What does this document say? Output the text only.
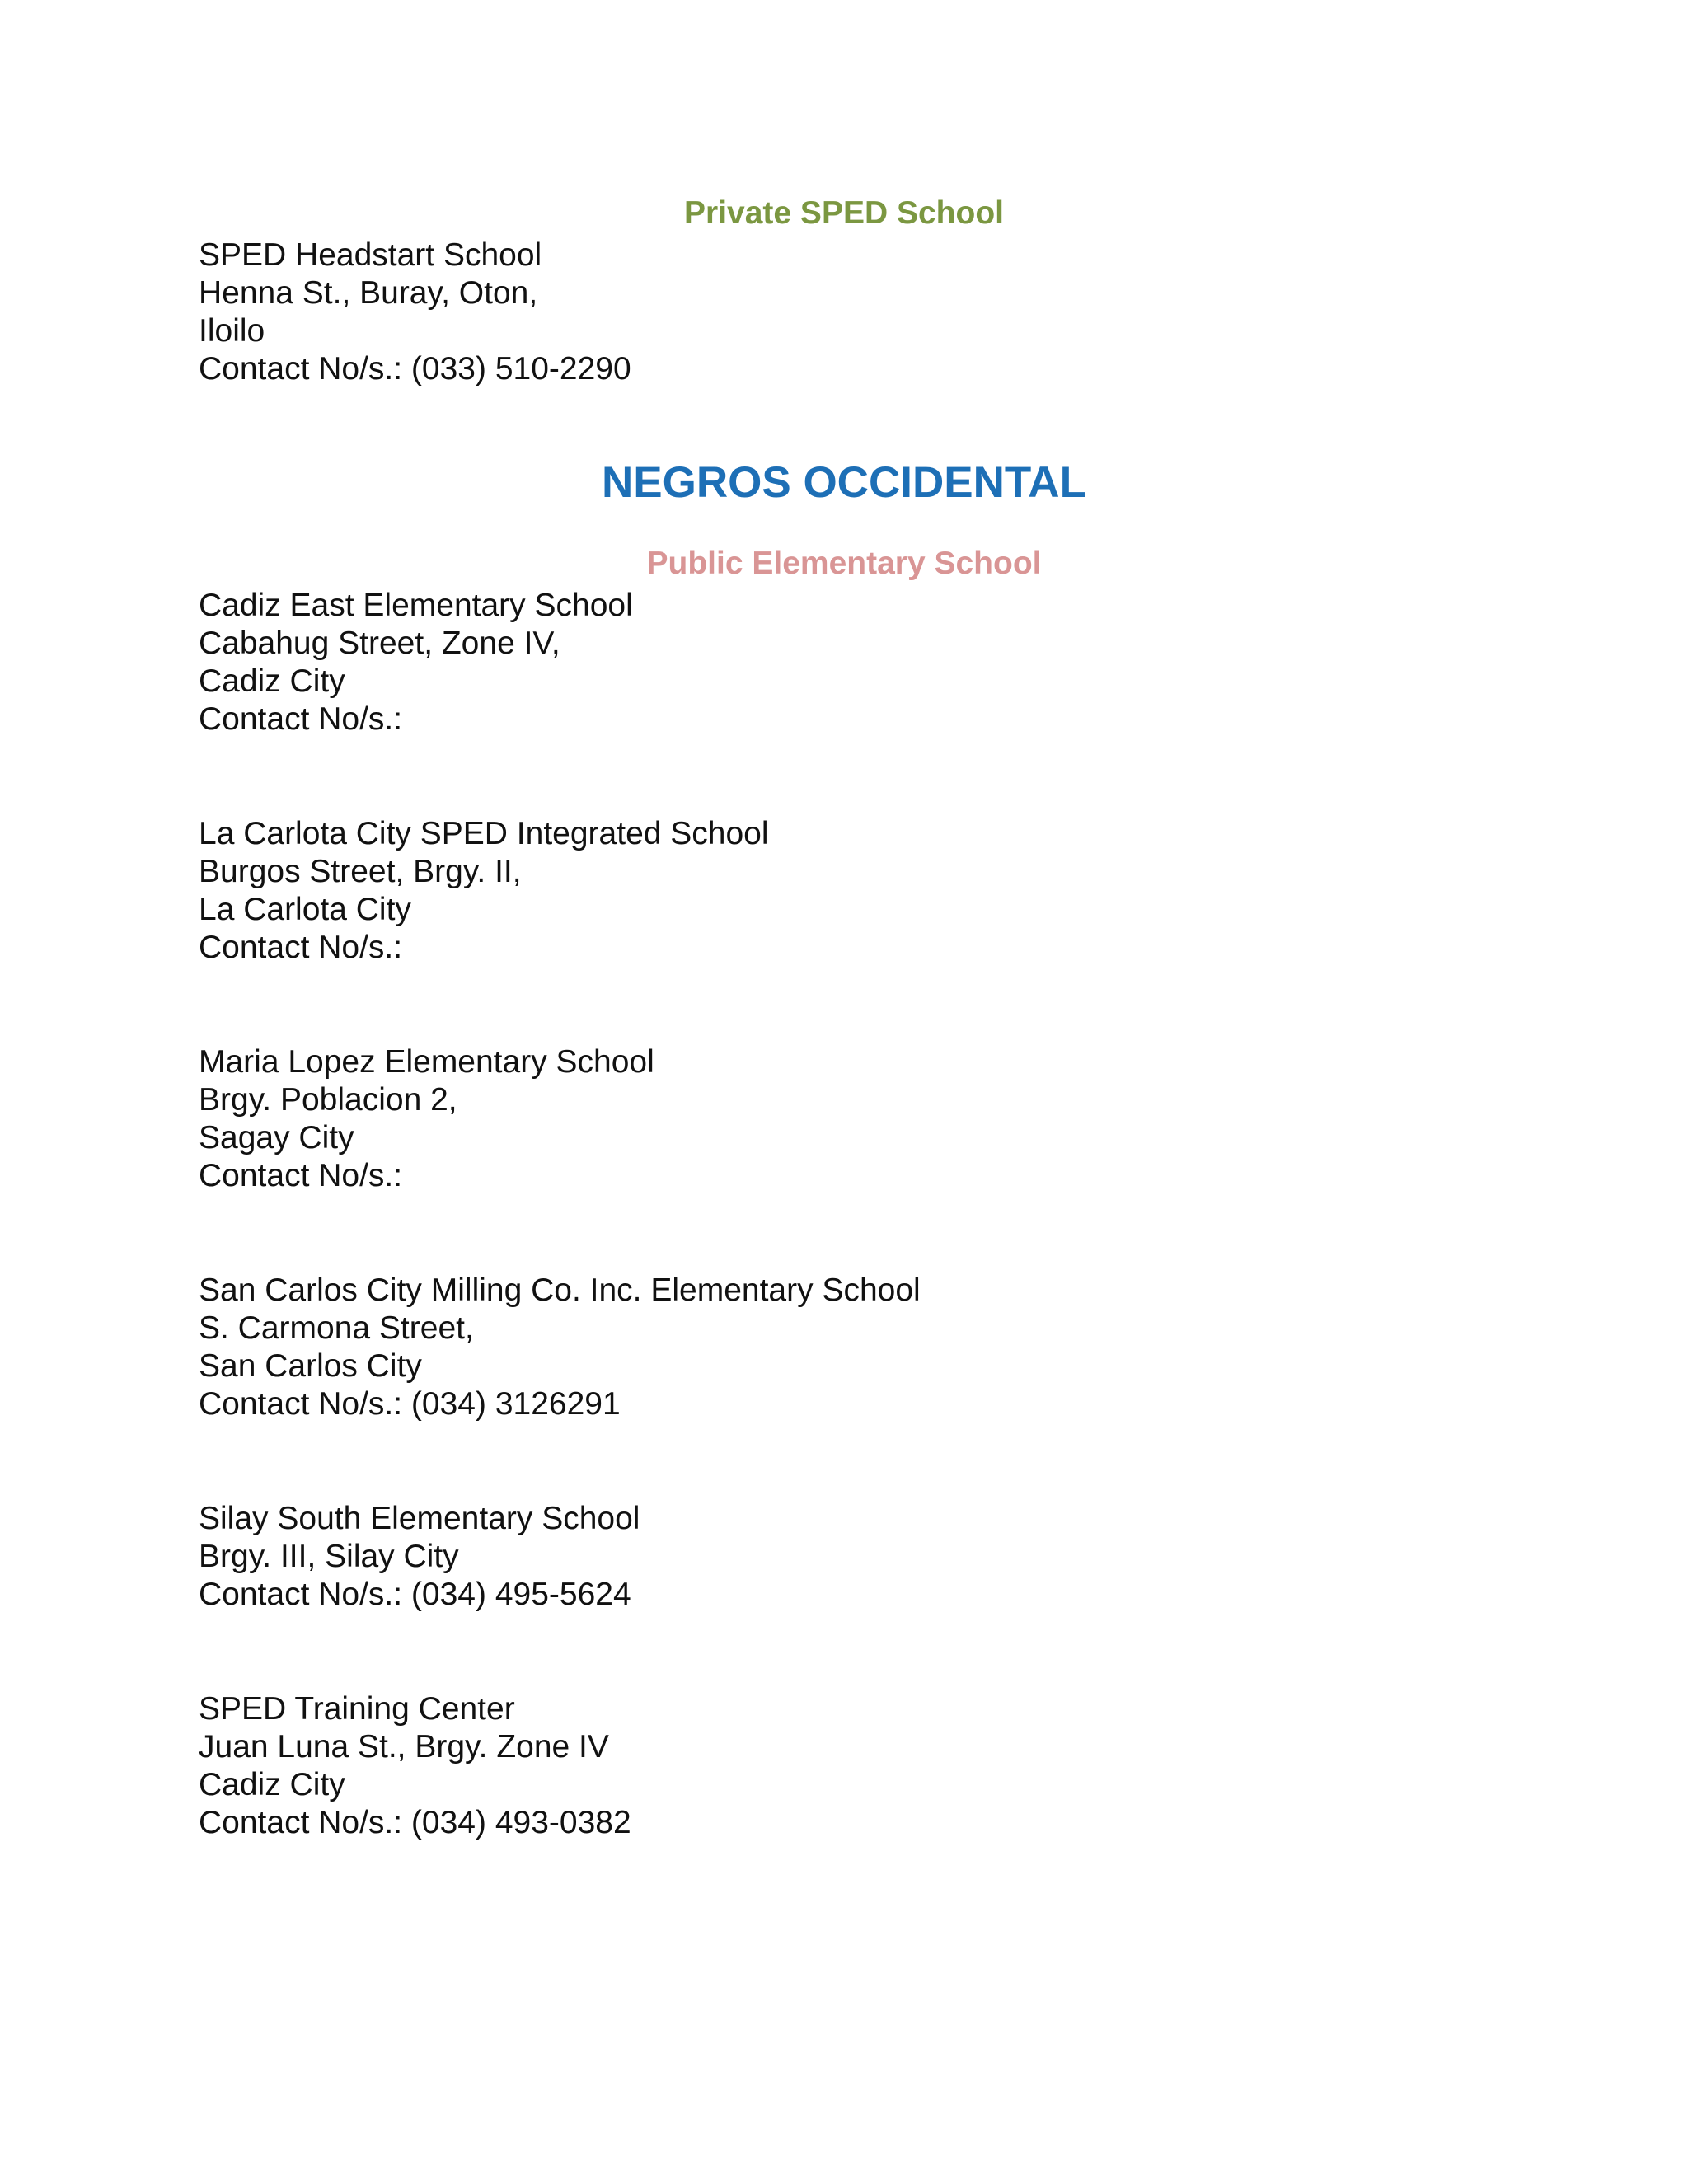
Private SPED School
SPED Headstart School
Henna St., Buray, Oton,
Iloilo
Contact No/s.: (033) 510-2290
NEGROS OCCIDENTAL
Public Elementary School
Cadiz East Elementary School
Cabahug Street, Zone IV,
Cadiz City
Contact No/s.:
La Carlota City SPED Integrated School
Burgos Street, Brgy. II,
La Carlota City
Contact No/s.:
Maria Lopez Elementary School
Brgy. Poblacion 2,
Sagay City
Contact No/s.:
San Carlos City Milling Co. Inc. Elementary School
S. Carmona Street,
San Carlos City
Contact No/s.: (034) 3126291
Silay South Elementary School
Brgy. III, Silay City
Contact No/s.: (034) 495-5624
SPED Training Center
Juan Luna St., Brgy. Zone IV
Cadiz City
Contact No/s.: (034) 493-0382
